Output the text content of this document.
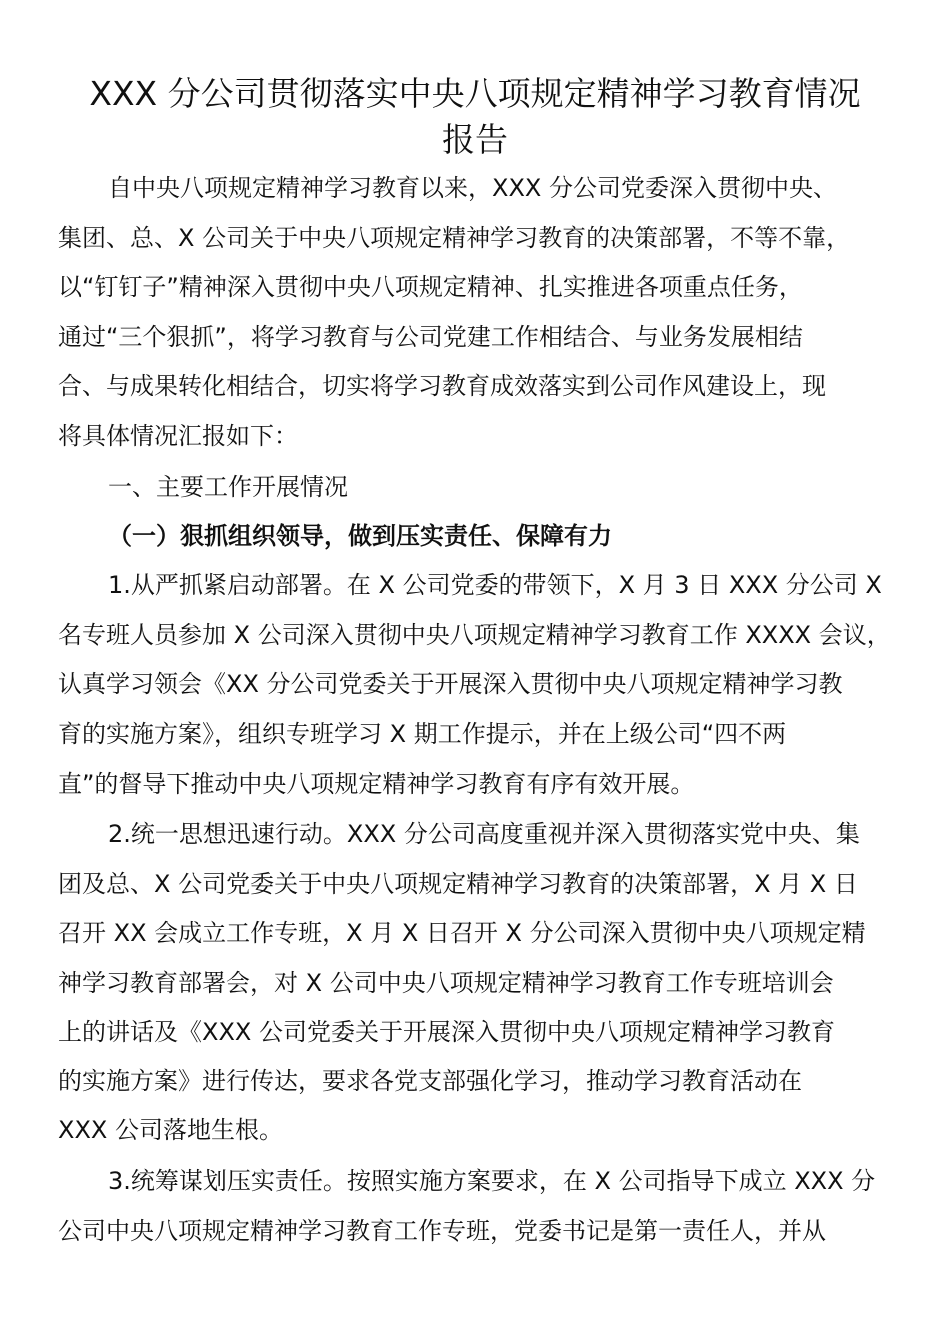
XXX 分公司贯彻落实中央八项规定精神学习教育情况
报告

自中央八项规定精神学习教育以来，XXX 分公司党委深入贯彻中央、

集团、总、X 公司关于中央八项规定精神学习教育的决策部署，不等不靠，

以“钉钉子”精神深入贯彻中央八项规定精神、扎实推进各项重点任务，

通过“三个狠抓”，将学习教育与公司党建工作相结合、与业务发展相结

合、与成果转化相结合，切实将学习教育成效落实到公司作风建设上，现

将具体情况汇报如下：

一、主要工作开展情况

（一）狠抓组织领导，做到压实责任、保障有力

1.从严抓紧启动部署。在 X 公司党委的带领下，X 月 3 日 XXX 分公司 X

名专班人员参加 X 公司深入贯彻中央八项规定精神学习教育工作 XXXX 会议，

认真学习领会《XX 分公司党委关于开展深入贯彻中央八项规定精神学习教

育的实施方案》，组织专班学习 X 期工作提示，并在上级公司“四不两

直”的督导下推动中央八项规定精神学习教育有序有效开展。

2.统一思想迅速行动。XXX 分公司高度重视并深入贯彻落实党中央、集

团及总、X 公司党委关于中央八项规定精神学习教育的决策部署，X 月 X 日

召开 XX 会成立工作专班，X 月 X 日召开 X 分公司深入贯彻中央八项规定精

神学习教育部署会，对 X 公司中央八项规定精神学习教育工作专班培训会

上的讲话及《XXX 公司党委关于开展深入贯彻中央八项规定精神学习教育

的实施方案》进行传达，要求各党支部强化学习，推动学习教育活动在

XXX 公司落地生根。

3.统筹谋划压实责任。按照实施方案要求，在 X 公司指导下成立 XXX 分

公司中央八项规定精神学习教育工作专班，党委书记是第一责任人，并从
